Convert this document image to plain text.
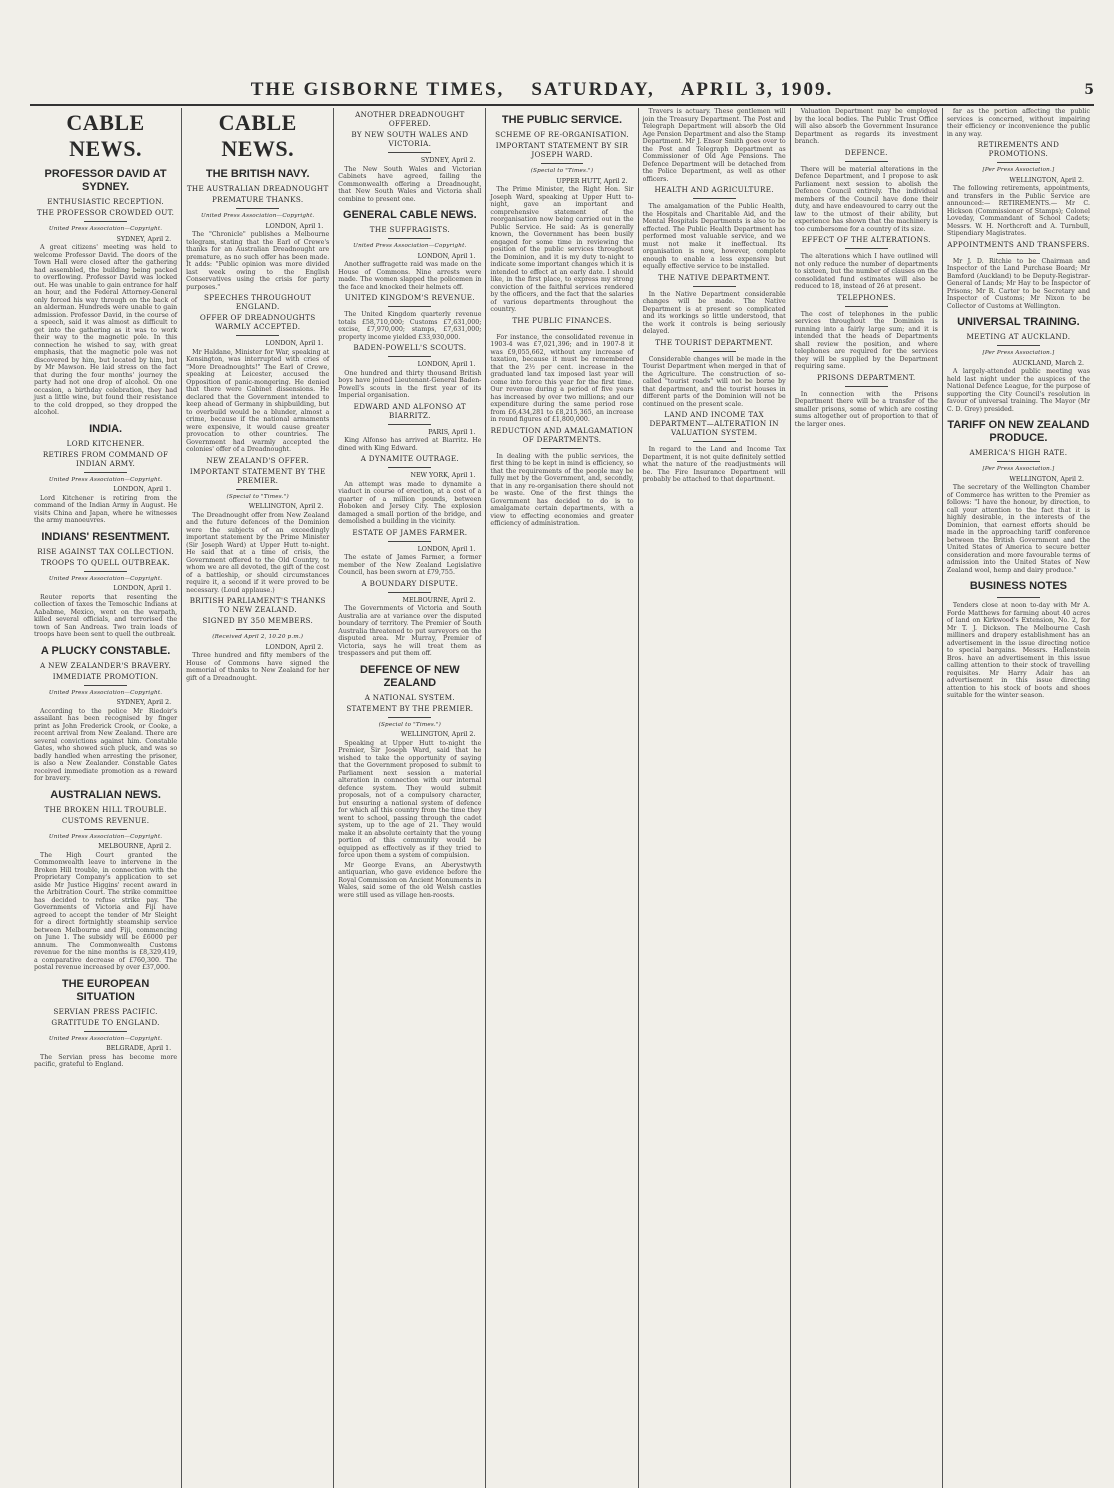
THE GISBORNE TIMES, SATURDAY, APRIL 3, 1909.	5
CABLE NEWS.
PROFESSOR DAVID AT SYDNEY.
ENTHUSIASTIC RECEPTION.
THE PROFESSOR CROWDED OUT.
United Press Association—Copyright.
SYDNEY, April 2.
A great citizens' meeting was held to welcome Professor David. The doors of the Town Hall were closed after the gathering had assembled, the building being packed to overflowing. Professor David was locked out. He was unable to gain entrance for half an hour, and the Federal Attorney-General only forced his way through on the back of an alderman. Hundreds were unable to gain admission. Professor David, in the course of a speech, said it was almost as difficult to get into the gathering as it was to work their way to the magnetic pole. In this connection he wished to say, with great emphasis, that the magnetic pole was not discovered by him, but located by him, but by Mr Mawson. He laid stress on the fact that during the four months' journey the party had not one drop of alcohol. On one occasion, a birthday celebration, they had just a little wine, but found their resistance to the cold dropped, so they dropped the alcohol.
INDIA.
LORD KITCHENER.
RETIRES FROM COMMAND OF INDIAN ARMY.
United Press Association—Copyright.
LONDON, April 1.
Lord Kitchener is retiring from the command of the Indian Army in August. He visits China and Japan, where he witnesses the army manoeuvres.
INDIANS' RESENTMENT.
RISE AGAINST TAX COLLECTION.
TROOPS TO QUELL OUTBREAK.
United Press Association—Copyright.
LONDON, April 1.
Reuter reports that resenting the collection of taxes the Temoschic Indians at Aababme, Mexico, went on the warpath, killed several officials, and terrorised the town of San Andreas. Two train loads of troops have been sent to quell the outbreak.
A PLUCKY CONSTABLE.
A NEW ZEALANDER'S BRAVERY.
IMMEDIATE PROMOTION.
United Press Association—Copyright.
SYDNEY, April 2.
According to the police Mr Riedoir's assailant has been recognised by finger print as John Frederick Crook, or Cooke, a recent arrival from New Zealand. There are several convictions against him. Constable Gates, who showed such pluck, and was so badly handled when arresting the prisoner, is also a New Zealander. Constable Gates received immediate promotion as a reward for bravery.
AUSTRALIAN NEWS.
THE BROKEN HILL TROUBLE.
CUSTOMS REVENUE.
United Press Association—Copyright.
MELBOURNE, April 2.
The High Court granted the Commonwealth leave to intervene in the Broken Hill trouble, in connection with the Proprietary Company's application to set aside Mr Justice Higgins' recent award in the Arbitration Court. The strike committee has decided to refuse strike pay. The Governments of Victoria and Fiji have agreed to accept the tender of Mr Sleight for a direct fortnightly steamship service between Melbourne and Fiji, commencing on June 1. The subsidy will be £6000 per annum. The Commonwealth Customs revenue for the nine months is £8,329,419, a comparative decrease of £760,300. The postal revenue increased by over £37,000.
THE EUROPEAN SITUATION
SERVIAN PRESS PACIFIC.
GRATITUDE TO ENGLAND.
United Press Association—Copyright.
BELGRADE, April 1.
The Servian press has become more pacific, grateful to England.
CABLE NEWS.
THE BRITISH NAVY.
THE AUSTRALIAN DREADNOUGHT
PREMATURE THANKS.
United Press Association—Copyright.
LONDON, April 1.
The "Chronicle" publishes a Melbourne telegram, stating that the Earl of Crewe's thanks for an Australian Dreadnought are premature, as no such offer has been made. It adds: "Public opinion was more divided last week owing to the English Conservatives using the crisis for party purposes."
SPEECHES THROUGHOUT ENGLAND.
OFFER OF DREADNOUGHTS WARMLY ACCEPTED.
LONDON, April 1.
Mr Haldane, Minister for War, speaking at Kensington, was interrupted with cries of "More Dreadnoughts!" The Earl of Crewe, speaking at Leicester, accused the Opposition of panic-mongering. He denied that there were Cabinet dissensions. He declared that the Government intended to keep ahead of Germany in shipbuilding, but to overbuild would be a blunder, almost a crime, because if the national armaments were expensive, it would cause greater provocation to other countries. The Government had warmly accepted the colonies' offer of a Dreadnought.
NEW ZEALAND'S OFFER.
IMPORTANT STATEMENT BY THE PREMIER.
(Special to "Times.")
WELLINGTON, April 2.
The Dreadnought offer from New Zealand and the future defences of the Dominion were the subjects of an exceedingly important statement by the Prime Minister (Sir Joseph Ward) at Upper Hutt to-night. He said that at a time of crisis, the Government offered to the Old Country, to whom we are all devoted, the gift of the cost of a battleship, or should circumstances require it, a second if it were proved to be necessary. (Loud applause.)
BRITISH PARLIAMENT'S THANKS TO NEW ZEALAND.
SIGNED BY 350 MEMBERS.
(Received April 2, 10.20 p.m.)
LONDON, April 2.
Three hundred and fifty members of the House of Commons have signed the memorial of thanks to New Zealand for her gift of a Dreadnought.
ANOTHER DREADNOUGHT OFFERED.
BY NEW SOUTH WALES AND VICTORIA.
SYDNEY, April 2.
The New South Wales and Victorian Cabinets have agreed, failing the Commonwealth offering a Dreadnought, that New South Wales and Victoria shall combine to present one.
GENERAL CABLE NEWS.
THE SUFFRAGISTS.
United Press Association—Copyright.
LONDON, April 1.
Another suffragette raid was made on the House of Commons. Nine arrests were made. The women slapped the policemen in the face and knocked their helmets off.
UNITED KINGDOM'S REVENUE.
The United Kingdom quarterly revenue totals £58,710,000; Customs £7,631,000; excise, £7,970,000; stamps, £7,631,000; property income yielded £33,930,000.
BADEN-POWELL'S SCOUTS.
LONDON, April 1.
One hundred and thirty thousand British boys have joined Lieutenant-General Baden-Powell's scouts in the first year of its Imperial organisation.
EDWARD AND ALFONSO AT BIARRITZ.
PARIS, April 1.
King Alfonso has arrived at Biarritz. He dined with King Edward.
A DYNAMITE OUTRAGE.
NEW YORK, April 1.
An attempt was made to dynamite a viaduct in course of erection, at a cost of a quarter of a million pounds, between Hoboken and Jersey City. The explosion damaged a small portion of the bridge, and demolished a building in the vicinity.
ESTATE OF JAMES FARMER.
LONDON, April 1.
The estate of James Farmer, a former member of the New Zealand Legislative Council, has been sworn at £79,755.
A BOUNDARY DISPUTE.
MELBOURNE, April 2.
The Governments of Victoria and South Australia are at variance over the disputed boundary of territory. The Premier of South Australia threatened to put surveyors on the disputed area. Mr Murray, Premier of Victoria, says he will treat them as trespassers and put them off.
DEFENCE OF NEW ZEALAND
A NATIONAL SYSTEM.
STATEMENT BY THE PREMIER.
(Special to "Times.")
WELLINGTON, April 2.
Speaking at Upper Hutt to-night the Premier, Sir Joseph Ward, said that he wished to take the opportunity of saying that the Government proposed to submit to Parliament next session a material alteration in connection with our internal defence system. They would submit proposals, not of a compulsory character, but ensuring a national system of defence for which all this country from the time they went to school, passing through the cadet system, up to the age of 21. They would make it an absolute certainty that the young portion of this community would be equipped as effectively as if they tried to force upon them a system of compulsion.
Mr George Evans, an Aberystwyth antiquarian, who gave evidence before the Royal Commission on Ancient Monuments in Wales, said some of the old Welsh castles were still used as village hen-roosts.
THE PUBLIC SERVICE.
SCHEME OF RE-ORGANISATION.
IMPORTANT STATEMENT BY SIR JOSEPH WARD.
(Special to "Times.")
UPPER HUTT, April 2.
The Prime Minister, the Right Hon. Sir Joseph Ward, speaking at Upper Hutt to-night, gave an important and comprehensive statement of the reorganisation now being carried out in the Public Service. He said: As is generally known, the Government has been busily engaged for some time in reviewing the position of the public services throughout the Dominion, and it is my duty to-night to indicate some important changes which it is intended to effect at an early date. I should like, in the first place, to express my strong conviction of the faithful services rendered by the officers, and the fact that the salaries of various departments throughout the country.
THE PUBLIC FINANCES.
For instance, the consolidated revenue in 1903-4 was £7,021,396; and in 1907-8 it was £9,055,662, without any increase of taxation, because it must be remembered that the 2½ per cent. increase in the graduated land tax imposed last year will come into force this year for the first time. Our revenue during a period of five years has increased by over two millions; and our expenditure during the same period rose from £6,434,281 to £8,215,365, an increase in round figures of £1,800,000.
REDUCTION AND AMALGAMATION OF DEPARTMENTS.
In dealing with the public services, the first thing to be kept in mind is efficiency, so that the requirements of the people may be fully met by the Government, and, secondly, that in any re-organisation there should not be waste. One of the first things the Government has decided to do is to amalgamate certain departments, with a view to effecting economies and greater efficiency of administration.
Travers is actuary. These gentlemen will join the Treasury Department. The Post and Telegraph Department will absorb the Old Age Pension Department and also the Stamp Department. Mr J. Ensor Smith goes over to the Post and Telegraph Department as Commissioner of Old Age Pensions. The Defence Department will be detached from the Police Department, as well as other officers.
HEALTH AND AGRICULTURE.
The amalgamation of the Public Health, the Hospitals and Charitable Aid, and the Mental Hospitals Departments is also to be effected. The Public Health Department has performed most valuable service, and we must not make it ineffectual. Its organisation is now, however, complete enough to enable a less expensive but equally effective service to be installed.
THE NATIVE DEPARTMENT.
In the Native Department considerable changes will be made. The Native Department is at present so complicated and its workings so little understood, that the work it controls is being seriously delayed.
THE TOURIST DEPARTMENT.
Considerable changes will be made in the Tourist Department when merged in that of the Agriculture. The construction of so-called "tourist roads" will not be borne by that department, and the tourist houses in different parts of the Dominion will not be continued on the present scale.
LAND AND INCOME TAX DEPARTMENT—ALTERATION IN VALUATION SYSTEM.
In regard to the Land and Income Tax Department, it is not quite definitely settled what the nature of the readjustments will be. The Fire Insurance Department will probably be attached to that department.
Valuation Department may be employed by the local bodies. The Public Trust Office will also absorb the Government Insurance Department as regards its investment branch.
DEFENCE.
There will be material alterations in the Defence Department, and I propose to ask Parliament next session to abolish the Defence Council entirely. The individual members of the Council have done their duty, and have endeavoured to carry out the law to the utmost of their ability, but experience has shown that the machinery is too cumbersome for a country of its size.
EFFECT OF THE ALTERATIONS.
The alterations which I have outlined will not only reduce the number of departments to sixteen, but the number of clauses on the consolidated fund estimates will also be reduced to 18, instead of 26 at present.
TELEPHONES.
The cost of telephones in the public services throughout the Dominion is running into a fairly large sum; and it is intended that the heads of Departments shall review the position, and where telephones are required for the services they will be supplied by the Department requiring same.
PRISONS DEPARTMENT.
In connection with the Prisons Department there will be a transfer of the smaller prisons, some of which are costing sums altogether out of proportion to that of the larger ones.
far as the portion affecting the public services is concerned, without impairing their efficiency or inconvenience the public in any way.
RETIREMENTS AND PROMOTIONS.
[Per Press Association.]
WELLINGTON, April 2.
The following retirements, appointments, and transfers in the Public Service are announced:— RETIREMENTS.— Mr C. Hickson (Commissioner of Stamps); Colonel Loveday, Commandant of School Cadets; Messrs. W. H. Northcroft and A. Turnbull, Stipendiary Magistrates.
APPOINTMENTS AND TRANSFERS.
Mr J. D. Ritchie to be Chairman and Inspector of the Land Purchase Board; Mr Bamford (Auckland) to be Deputy-Registrar-General of Lands; Mr Hay to be Inspector of Prisons; Mr R. Carter to be Secretary and Inspector of Customs; Mr Nixon to be Collector of Customs at Wellington.
UNIVERSAL TRAINING.
MEETING AT AUCKLAND.
[Per Press Association.]
AUCKLAND, March 2.
A largely-attended public meeting was held last night under the auspices of the National Defence League, for the purpose of supporting the City Council's resolution in favour of universal training. The Mayor (Mr C. D. Grey) presided.
TARIFF ON NEW ZEALAND PRODUCE.
AMERICA'S HIGH RATE.
[Per Press Association.]
WELLINGTON, April 2.
The secretary of the Wellington Chamber of Commerce has written to the Premier as follows: "I have the honour, by direction, to call your attention to the fact that it is highly desirable, in the interests of the Dominion, that earnest efforts should be made in the approaching tariff conference between the British Government and the United States of America to secure better consideration and more favourable terms of admission into the United States of New Zealand wool, hemp and dairy produce."
BUSINESS NOTES
Tenders close at noon to-day with Mr A. Forde Matthews for farming about 40 acres of land on Kirkwood's Extension, No. 2, for Mr T. J. Dickson. The Melbourne Cash milliners and drapery establishment has an advertisement in the issue directing notice to special bargains. Messrs. Hallenstein Bros. have an advertisement in this issue calling attention to their stock of travelling requisites. Mr Harry Adair has an advertisement in this issue directing attention to his stock of boots and shoes suitable for the winter season.
